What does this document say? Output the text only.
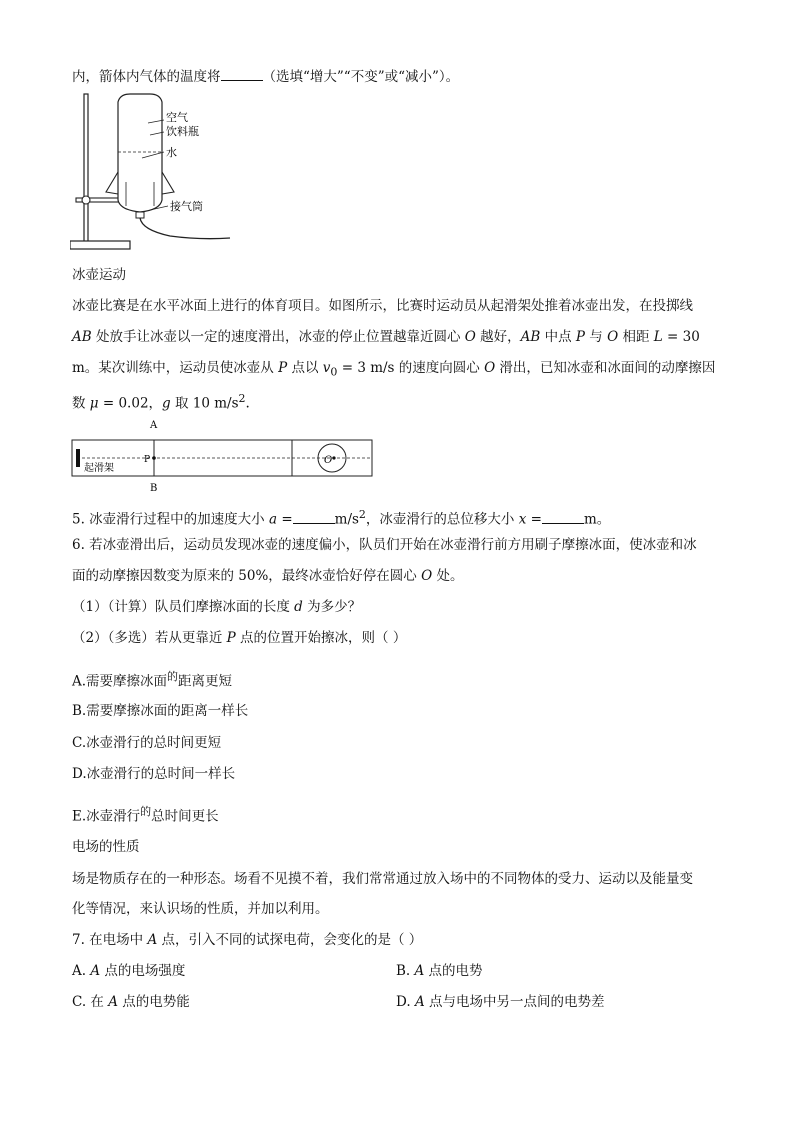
内，箭体内气体的温度将	（选填“增大”“不变”或“减小”）。
空气
饮料瓶
水
接气筒
冰壶运动
冰壶比赛是在水平冰面上进行的体育项目。如图所示，比赛时运动员从起滑架处推着冰壶出发，在投掷线
AB 处放手让冰壶以一定的速度滑出，冰壶的停止位置越靠近圆心 O 越好，AB 中点 P 与 O 相距 L = 30
m。某次训练中，运动员使冰壶从 P 点以 $v_0 = 3$ m/s 的速度向圆心 O 滑出，已知冰壶和冰面间的动摩擦因
数 μ = 0.02，g 取 10 $m/s^2$.
A
起滑架
P	O
B
5. 冰壶滑行过程中的加速度大小 a =	$m/s^2$，冰壶滑行的总位移大小 x =	m。
6. 若冰壶滑出后，运动员发现冰壶的速度偏小，队员们开始在冰壶滑行前方用刷子摩擦冰面，使冰壶和冰
面的动摩擦因数变为原来的 50%，最终冰壶恰好停在圆心 O 处。
（1）（计算）队员们摩擦冰面的长度 d 为多少？
（2）（多选）若从更靠近 P 点的位置开始擦冰，则（ ）
A.需要摩擦冰面$^的$距离更短
B.需要摩擦冰面的距离一样长
C.冰壶滑行的总时间更短
D.冰壶滑行的总时间一样长
E.冰壶滑行$^的$总时间更长
电场的性质
场是物质存在的一种形态。场看不见摸不着，我们常常通过放入场中的不同物体的受力、运动以及能量变
化等情况，来认识场的性质，并加以利用。
7. 在电场中 A 点，引入不同的试探电荷，会变化的是（ ）
A. A 点的电场强度	B. A 点的电势
C. 在 A 点的电势能	D. A 点与电场中另一点间的电势差
